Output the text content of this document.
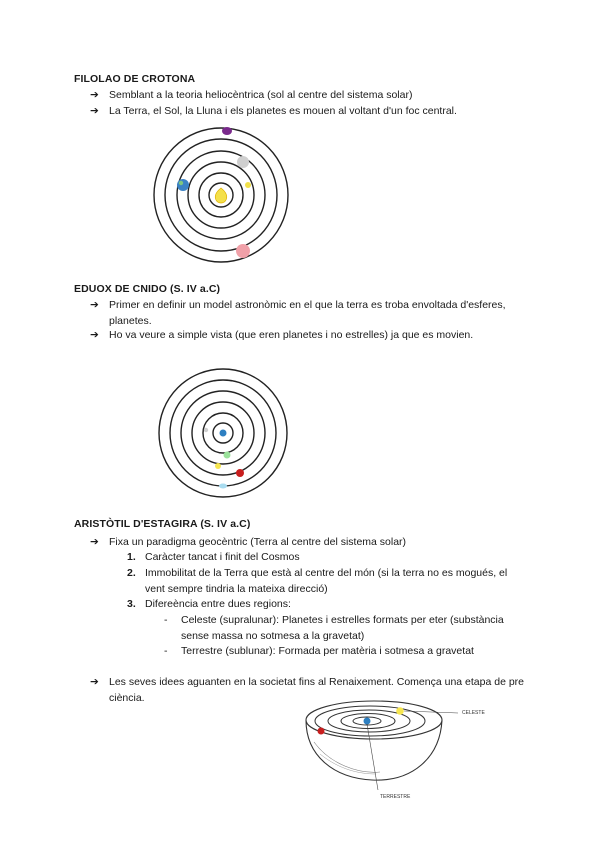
FILOLAO DE CROTONA
➔ Semblant a la teoria heliocèntrica (sol al centre del sistema solar)
➔ La Terra, el Sol, la Lluna i els planetes es mouen al voltant d'un foc central.
EDUOX DE CNIDO (S. IV a.C)
➔ Primer en definir un model astronòmic en el que la terra es troba envoltada d'esferes, planetes.
➔ Ho va veure a simple vista (que eren planetes i no estrelles) ja que es movien.
ARISTÒTIL D'ESTAGIRA (S. IV a.C)
➔ Fixa un paradigma geocèntric (Terra al centre del sistema solar)
1. Caràcter tancat i finit del Cosmos
2. Immobilitat de la Terra que està al centre del món (si la terra no es mogués, el vent sempre tindria la mateixa direcció)
3. Difereència entre dues regions:
- Celeste (supralunar): Planetes i estrelles formats per eter (substància sense massa no sotmesa a la gravetat)
- Terrestre (sublunar): Formada per matèria i sotmesa a gravetat
➔ Les seves idees aguanten en la societat fins al Renaixement. Comença una etapa de pre ciència.
CELESTE
TERRESTRE
